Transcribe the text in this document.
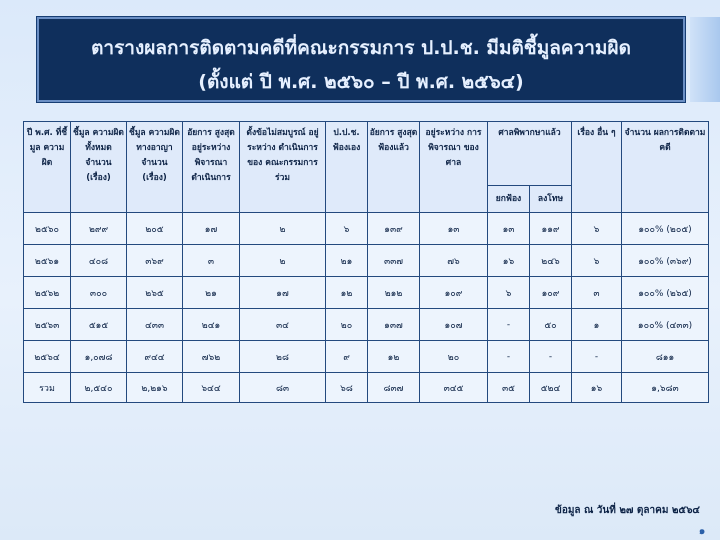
ตารางผลการติดตามคดีที่คณะกรรมการ ป.ป.ช. มีมติชี้มูลความผิด
(ตั้งแต่ ปี พ.ศ. ๒๕๖๐ – ปี พ.ศ. ๒๕๖๔)
ปี พ.ศ. ที่ชี้มูล ความผิด	ชี้มูล ความผิด ทั้งหมด จำนวน (เรื่อง)	ชี้มูล ความผิด ทางอาญา จำนวน (เรื่อง)	อัยการ สูงสุด อยู่ระหว่าง พิจารณา ดำเนินการ	ตั้งข้อไม่สมบูรณ์ อยู่ระหว่าง ดำเนินการของ คณะกรรมการร่วม	ป.ป.ช. ฟ้องเอง	อัยการ สูงสุด ฟ้องแล้ว	อยู่ระหว่าง การพิจารณา ของศาล	ศาลพิพากษาแล้ว		เรื่อง อื่น ๆ	จำนวน ผลการติดตาม คดี
								ยกฟ้อง	ลงโทษ		
๒๕๖๐	๒๙๙	๒๐๕	๑๗	๒	๖	๑๓๙	๑๓	๑๓	๑๑๙	๖	๑๐๐% (๒๐๕)
๒๕๖๑	๔๐๘	๓๖๙	๓	๒	๒๑	๓๓๗	๗๖	๑๖	๒๔๖	๖	๑๐๐% (๓๖๙)
๒๕๖๒	๓๐๐	๒๖๕	๒๑	๑๗	๑๒	๒๑๒	๑๐๙	๖	๑๐๙	๓	๑๐๐% (๒๖๕)
๒๕๖๓	๕๑๕	๔๓๓	๒๔๑	๓๔	๒๐	๑๓๗	๑๐๗	-	๕๐	๑	๑๐๐% (๔๓๓)
๒๕๖๔	๑,๐๗๘	๙๔๔	๗๖๒	๒๘	๙	๑๒	๒๐	-	-	-	๘๑๑
รวม	๒,๕๔๐	๒,๒๑๖	๖๔๔	๘๓	๖๘	๘๓๗	๓๔๕	๓๕	๕๒๔	๑๖	๑,๖๘๓
ข้อมูล ณ วันที่ ๒๗ ตุลาคม ๒๕๖๔
๑
